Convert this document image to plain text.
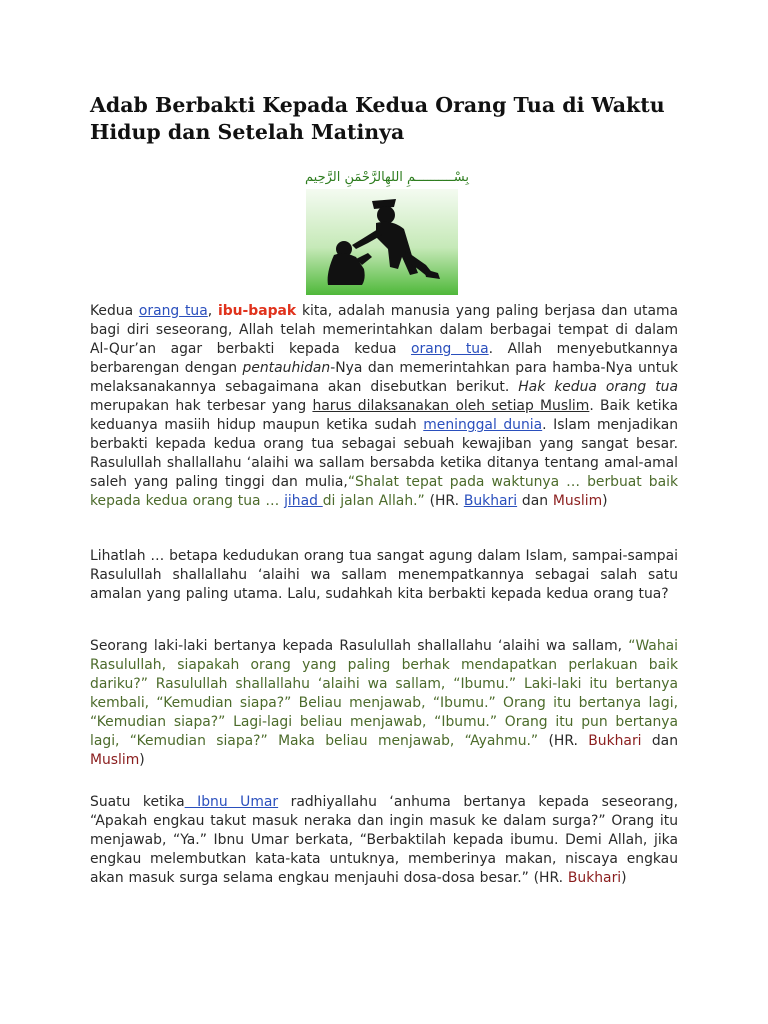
Adab Berbakti Kepada Kedua Orang Tua di Waktu Hidup dan Setelah Matinya
بِسْــــــــــمِ اللهِالرَّحْمَنِ الرَّحِيم

Kedua orang tua, ibu-bapak kita, adalah manusia yang paling berjasa dan utama bagi diri seseorang, Allah telah memerintahkan dalam berbagai tempat di dalam Al-Qur’an agar berbakti kepada kedua orang tua. Allah menyebutkannya berbarengan dengan pentauhidan-Nya dan memerintahkan para hamba-Nya untuk melaksanakannya sebagaimana akan disebutkan berikut. Hak kedua orang tua merupakan hak terbesar yang harus dilaksanakan oleh setiap Muslim. Baik ketika keduanya masiih hidup maupun ketika sudah meninggal dunia. Islam menjadikan berbakti kepada kedua orang tua sebagai sebuah kewajiban yang sangat besar. Rasulullah shallallahu ‘alaihi wa sallam bersabda ketika ditanya tentang amal-amal saleh yang paling tinggi dan mulia,“Shalat tepat pada waktunya … berbuat baik kepada kedua orang tua … jihad di jalan Allah.” (HR. Bukhari dan Muslim)

Lihatlah … betapa kedudukan orang tua sangat agung dalam Islam, sampai-sampai Rasulullah shallallahu ‘alaihi wa sallam menempatkannya sebagai salah satu amalan yang paling utama. Lalu, sudahkah kita berbakti kepada kedua orang tua?

Seorang laki-laki bertanya kepada Rasulullah shallallahu ‘alaihi wa sallam, “Wahai Rasulullah, siapakah orang yang paling berhak mendapatkan perlakuan baik dariku?” Rasulullah shallallahu ‘alaihi wa sallam, “Ibumu.” Laki-laki itu bertanya kembali, “Kemudian siapa?” Beliau menjawab, “Ibumu.” Orang itu bertanya lagi, “Kemudian siapa?” Lagi-lagi beliau menjawab, “Ibumu.” Orang itu pun bertanya lagi, “Kemudian siapa?” Maka beliau menjawab, “Ayahmu.” (HR. Bukhari dan Muslim)

Suatu ketika Ibnu Umar radhiyallahu ‘anhuma bertanya kepada seseorang, “Apakah engkau takut masuk neraka dan ingin masuk ke dalam surga?” Orang itu menjawab, “Ya.” Ibnu Umar berkata, “Berbaktilah kepada ibumu. Demi Allah, jika engkau melembutkan kata-kata untuknya, memberinya makan, niscaya engkau akan masuk surga selama engkau menjauhi dosa-dosa besar.” (HR. Bukhari)
